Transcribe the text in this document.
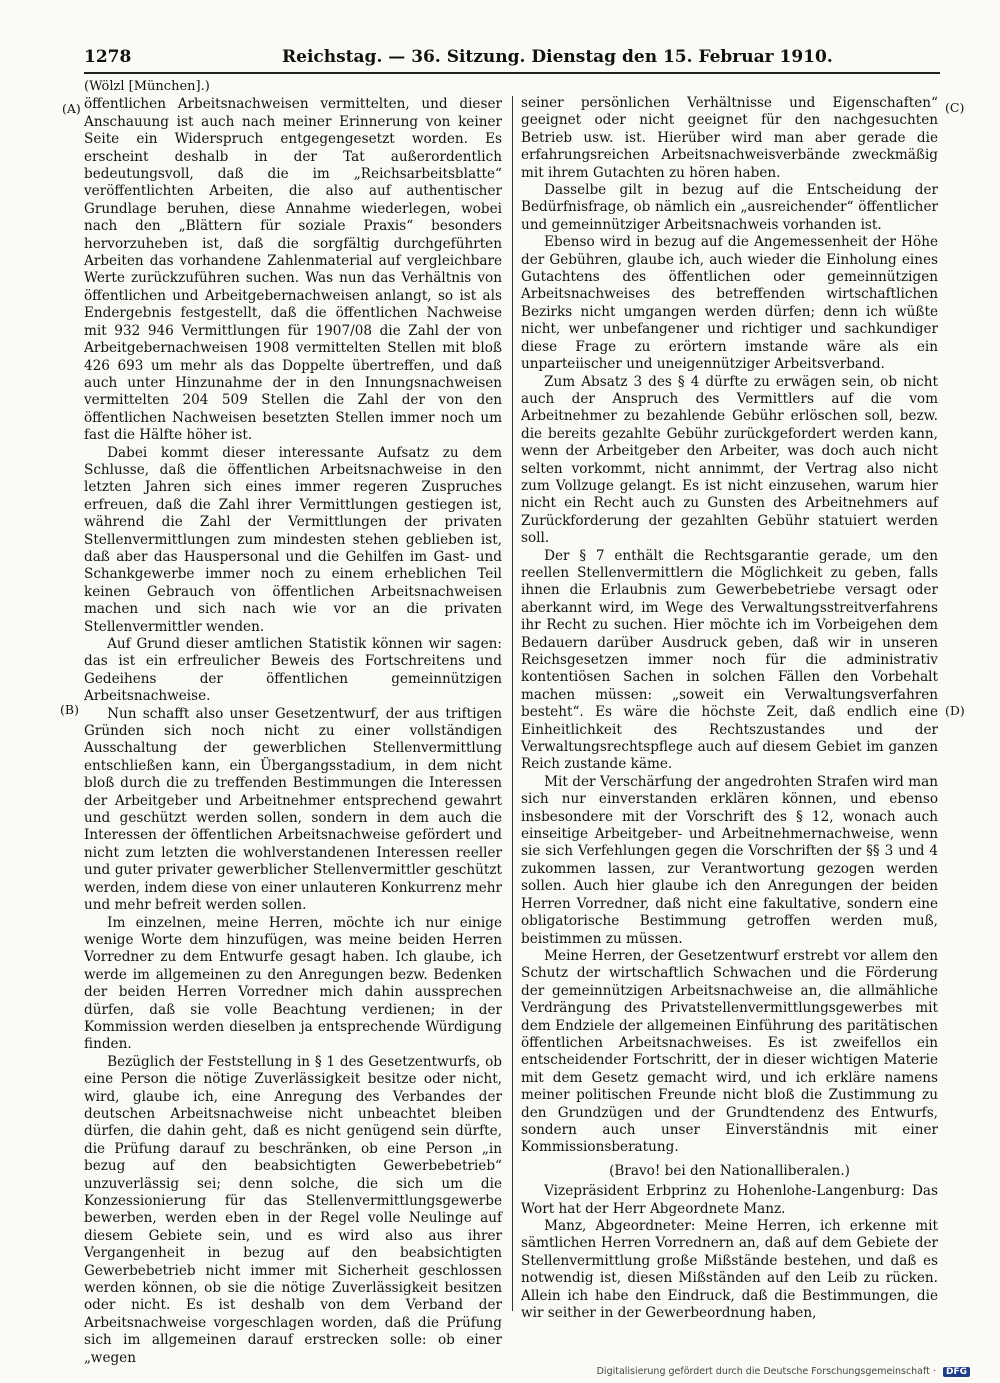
1278	Reichstag. — 36. Sitzung. Dienstag den 15. Februar 1910.
(A)
(B)
(C)
(D)
(Wölzl [München].)

öffentlichen Arbeitsnachweisen vermittelten, und dieser Anschauung ist auch nach meiner Erinnerung von keiner Seite ein Widerspruch entgegengesetzt worden. Es erscheint deshalb in der Tat außerordentlich bedeutungsvoll, daß die im „Reichsarbeitsblatte“ veröffentlichten Arbeiten, die also auf authentischer Grundlage beruhen, diese Annahme wiederlegen, wobei nach den „Blättern für soziale Praxis“ besonders hervorzuheben ist, daß die sorgfältig durchgeführten Arbeiten das vorhandene Zahlenmaterial auf vergleichbare Werte zurückzuführen suchen. Was nun das Verhältnis von öffentlichen und Arbeitgebernachweisen anlangt, so ist als Endergebnis festgestellt, daß die öffentlichen Nachweise mit 932 946 Vermittlungen für 1907/08 die Zahl der von Arbeitgebernachweisen 1908 vermittelten Stellen mit bloß 426 693 um mehr als das Doppelte übertreffen, und daß auch unter Hinzunahme der in den Innungsnachweisen vermittelten 204 509 Stellen die Zahl der von den öffentlichen Nachweisen besetzten Stellen immer noch um fast die Hälfte höher ist.

Dabei kommt dieser interessante Aufsatz zu dem Schlusse, daß die öffentlichen Arbeitsnachweise in den letzten Jahren sich eines immer regeren Zuspruches erfreuen, daß die Zahl ihrer Vermittlungen gestiegen ist, während die Zahl der Vermittlungen der privaten Stellenvermittlungen zum mindesten stehen geblieben ist, daß aber das Hauspersonal und die Gehilfen im Gast- und Schankgewerbe immer noch zu einem erheblichen Teil keinen Gebrauch von öffentlichen Arbeitsnachweisen machen und sich nach wie vor an die privaten Stellenvermittler wenden.

Auf Grund dieser amtlichen Statistik können wir sagen: das ist ein erfreulicher Beweis des Fortschreitens und Gedeihens der öffentlichen gemeinnützigen Arbeitsnachweise.

Nun schafft also unser Gesetzentwurf, der aus triftigen Gründen sich noch nicht zu einer vollständigen Ausschaltung der gewerblichen Stellenvermittlung entschließen kann, ein Übergangsstadium, in dem nicht bloß durch die zu treffenden Bestimmungen die Interessen der Arbeitgeber und Arbeitnehmer entsprechend gewahrt und geschützt werden sollen, sondern in dem auch die Interessen der öffentlichen Arbeitsnachweise gefördert und nicht zum letzten die wohlverstandenen Interessen reeller und guter privater gewerblicher Stellenvermittler geschützt werden, indem diese von einer unlauteren Konkurrenz mehr und mehr befreit werden sollen.

Im einzelnen, meine Herren, möchte ich nur einige wenige Worte dem hinzufügen, was meine beiden Herren Vorredner zu dem Entwurfe gesagt haben. Ich glaube, ich werde im allgemeinen zu den Anregungen bezw. Bedenken der beiden Herren Vorredner mich dahin aussprechen dürfen, daß sie volle Beachtung verdienen; in der Kommission werden dieselben ja entsprechende Würdigung finden.

Bezüglich der Feststellung in § 1 des Gesetzentwurfs, ob eine Person die nötige Zuverlässigkeit besitze oder nicht, wird, glaube ich, eine Anregung des Verbandes der deutschen Arbeitsnachweise nicht unbeachtet bleiben dürfen, die dahin geht, daß es nicht genügend sein dürfte, die Prüfung darauf zu beschränken, ob eine Person „in bezug auf den beabsichtigten Gewerbebetrieb“ unzuverlässig sei; denn solche, die sich um die Konzessionierung für das Stellenvermittlungsgewerbe bewerben, werden eben in der Regel volle Neulinge auf diesem Gebiete sein, und es wird also aus ihrer Vergangenheit in bezug auf den beabsichtigten Gewerbebetrieb nicht immer mit Sicherheit geschlossen werden können, ob sie die nötige Zuverlässigkeit besitzen oder nicht. Es ist deshalb von dem Verband der Arbeitsnachweise vorgeschlagen worden, daß die Prüfung sich im allgemeinen darauf erstrecken solle: ob einer „wegen

seiner persönlichen Verhältnisse und Eigenschaften“ geeignet oder nicht geeignet für den nachgesuchten Betrieb usw. ist. Hierüber wird man aber gerade die erfahrungsreichen Arbeitsnachweisverbände zweckmäßig mit ihrem Gutachten zu hören haben.

Dasselbe gilt in bezug auf die Entscheidung der Bedürfnisfrage, ob nämlich ein „ausreichender“ öffentlicher und gemeinnütziger Arbeitsnachweis vorhanden ist.

Ebenso wird in bezug auf die Angemessenheit der Höhe der Gebühren, glaube ich, auch wieder die Einholung eines Gutachtens des öffentlichen oder gemeinnützigen Arbeitsnachweises des betreffenden wirtschaftlichen Bezirks nicht umgangen werden dürfen; denn ich wüßte nicht, wer unbefangener und richtiger und sachkundiger diese Frage zu erörtern imstande wäre als ein unparteiischer und uneigennütziger Arbeitsverband.

Zum Absatz 3 des § 4 dürfte zu erwägen sein, ob nicht auch der Anspruch des Vermittlers auf die vom Arbeitnehmer zu bezahlende Gebühr erlöschen soll, bezw. die bereits gezahlte Gebühr zurückgefordert werden kann, wenn der Arbeitgeber den Arbeiter, was doch auch nicht selten vorkommt, nicht annimmt, der Vertrag also nicht zum Vollzuge gelangt. Es ist nicht einzusehen, warum hier nicht ein Recht auch zu Gunsten des Arbeitnehmers auf Zurückforderung der gezahlten Gebühr statuiert werden soll.

Der § 7 enthält die Rechtsgarantie gerade, um den reellen Stellenvermittlern die Möglichkeit zu geben, falls ihnen die Erlaubnis zum Gewerbebetriebe versagt oder aberkannt wird, im Wege des Verwaltungsstreitverfahrens ihr Recht zu suchen. Hier möchte ich im Vorbeigehen dem Bedauern darüber Ausdruck geben, daß wir in unseren Reichsgesetzen immer noch für die administrativ kontentiösen Sachen in solchen Fällen den Vorbehalt machen müssen: „soweit ein Verwaltungsverfahren besteht“. Es wäre die höchste Zeit, daß endlich eine Einheitlichkeit des Rechtszustandes und der Verwaltungsrechtspflege auch auf diesem Gebiet im ganzen Reich zustande käme.

Mit der Verschärfung der angedrohten Strafen wird man sich nur einverstanden erklären können, und ebenso insbesondere mit der Vorschrift des § 12, wonach auch einseitige Arbeitgeber- und Arbeitnehmernachweise, wenn sie sich Verfehlungen gegen die Vorschriften der §§ 3 und 4 zukommen lassen, zur Verantwortung gezogen werden sollen. Auch hier glaube ich den Anregungen der beiden Herren Vorredner, daß nicht eine fakultative, sondern eine obligatorische Bestimmung getroffen werden muß, beistimmen zu müssen.

Meine Herren, der Gesetzentwurf erstrebt vor allem den Schutz der wirtschaftlich Schwachen und die Förderung der gemeinnützigen Arbeitsnachweise an, die allmähliche Verdrängung des Privatstellenvermittlungsgewerbes mit dem Endziele der allgemeinen Einführung des paritätischen öffentlichen Arbeitsnachweises. Es ist zweifellos ein entscheidender Fortschritt, der in dieser wichtigen Materie mit dem Gesetz gemacht wird, und ich erkläre namens meiner politischen Freunde nicht bloß die Zustimmung zu den Grundzügen und der Grundtendenz des Entwurfs, sondern auch unser Einverständnis mit einer Kommissionsberatung.

(Bravo! bei den Nationalliberalen.)

Vizepräsident Erbprinz zu Hohenlohe-Langenburg: Das Wort hat der Herr Abgeordnete Manz.

Manz, Abgeordneter: Meine Herren, ich erkenne mit sämtlichen Herren Vorrednern an, daß auf dem Gebiete der Stellenvermittlung große Mißstände bestehen, und daß es notwendig ist, diesen Mißständen auf den Leib zu rücken. Allein ich habe den Eindruck, daß die Bestimmungen, die wir seither in der Gewerbeordnung haben,

Digitalisierung gefördert durch die Deutsche Forschungsgemeinschaft · DFG
